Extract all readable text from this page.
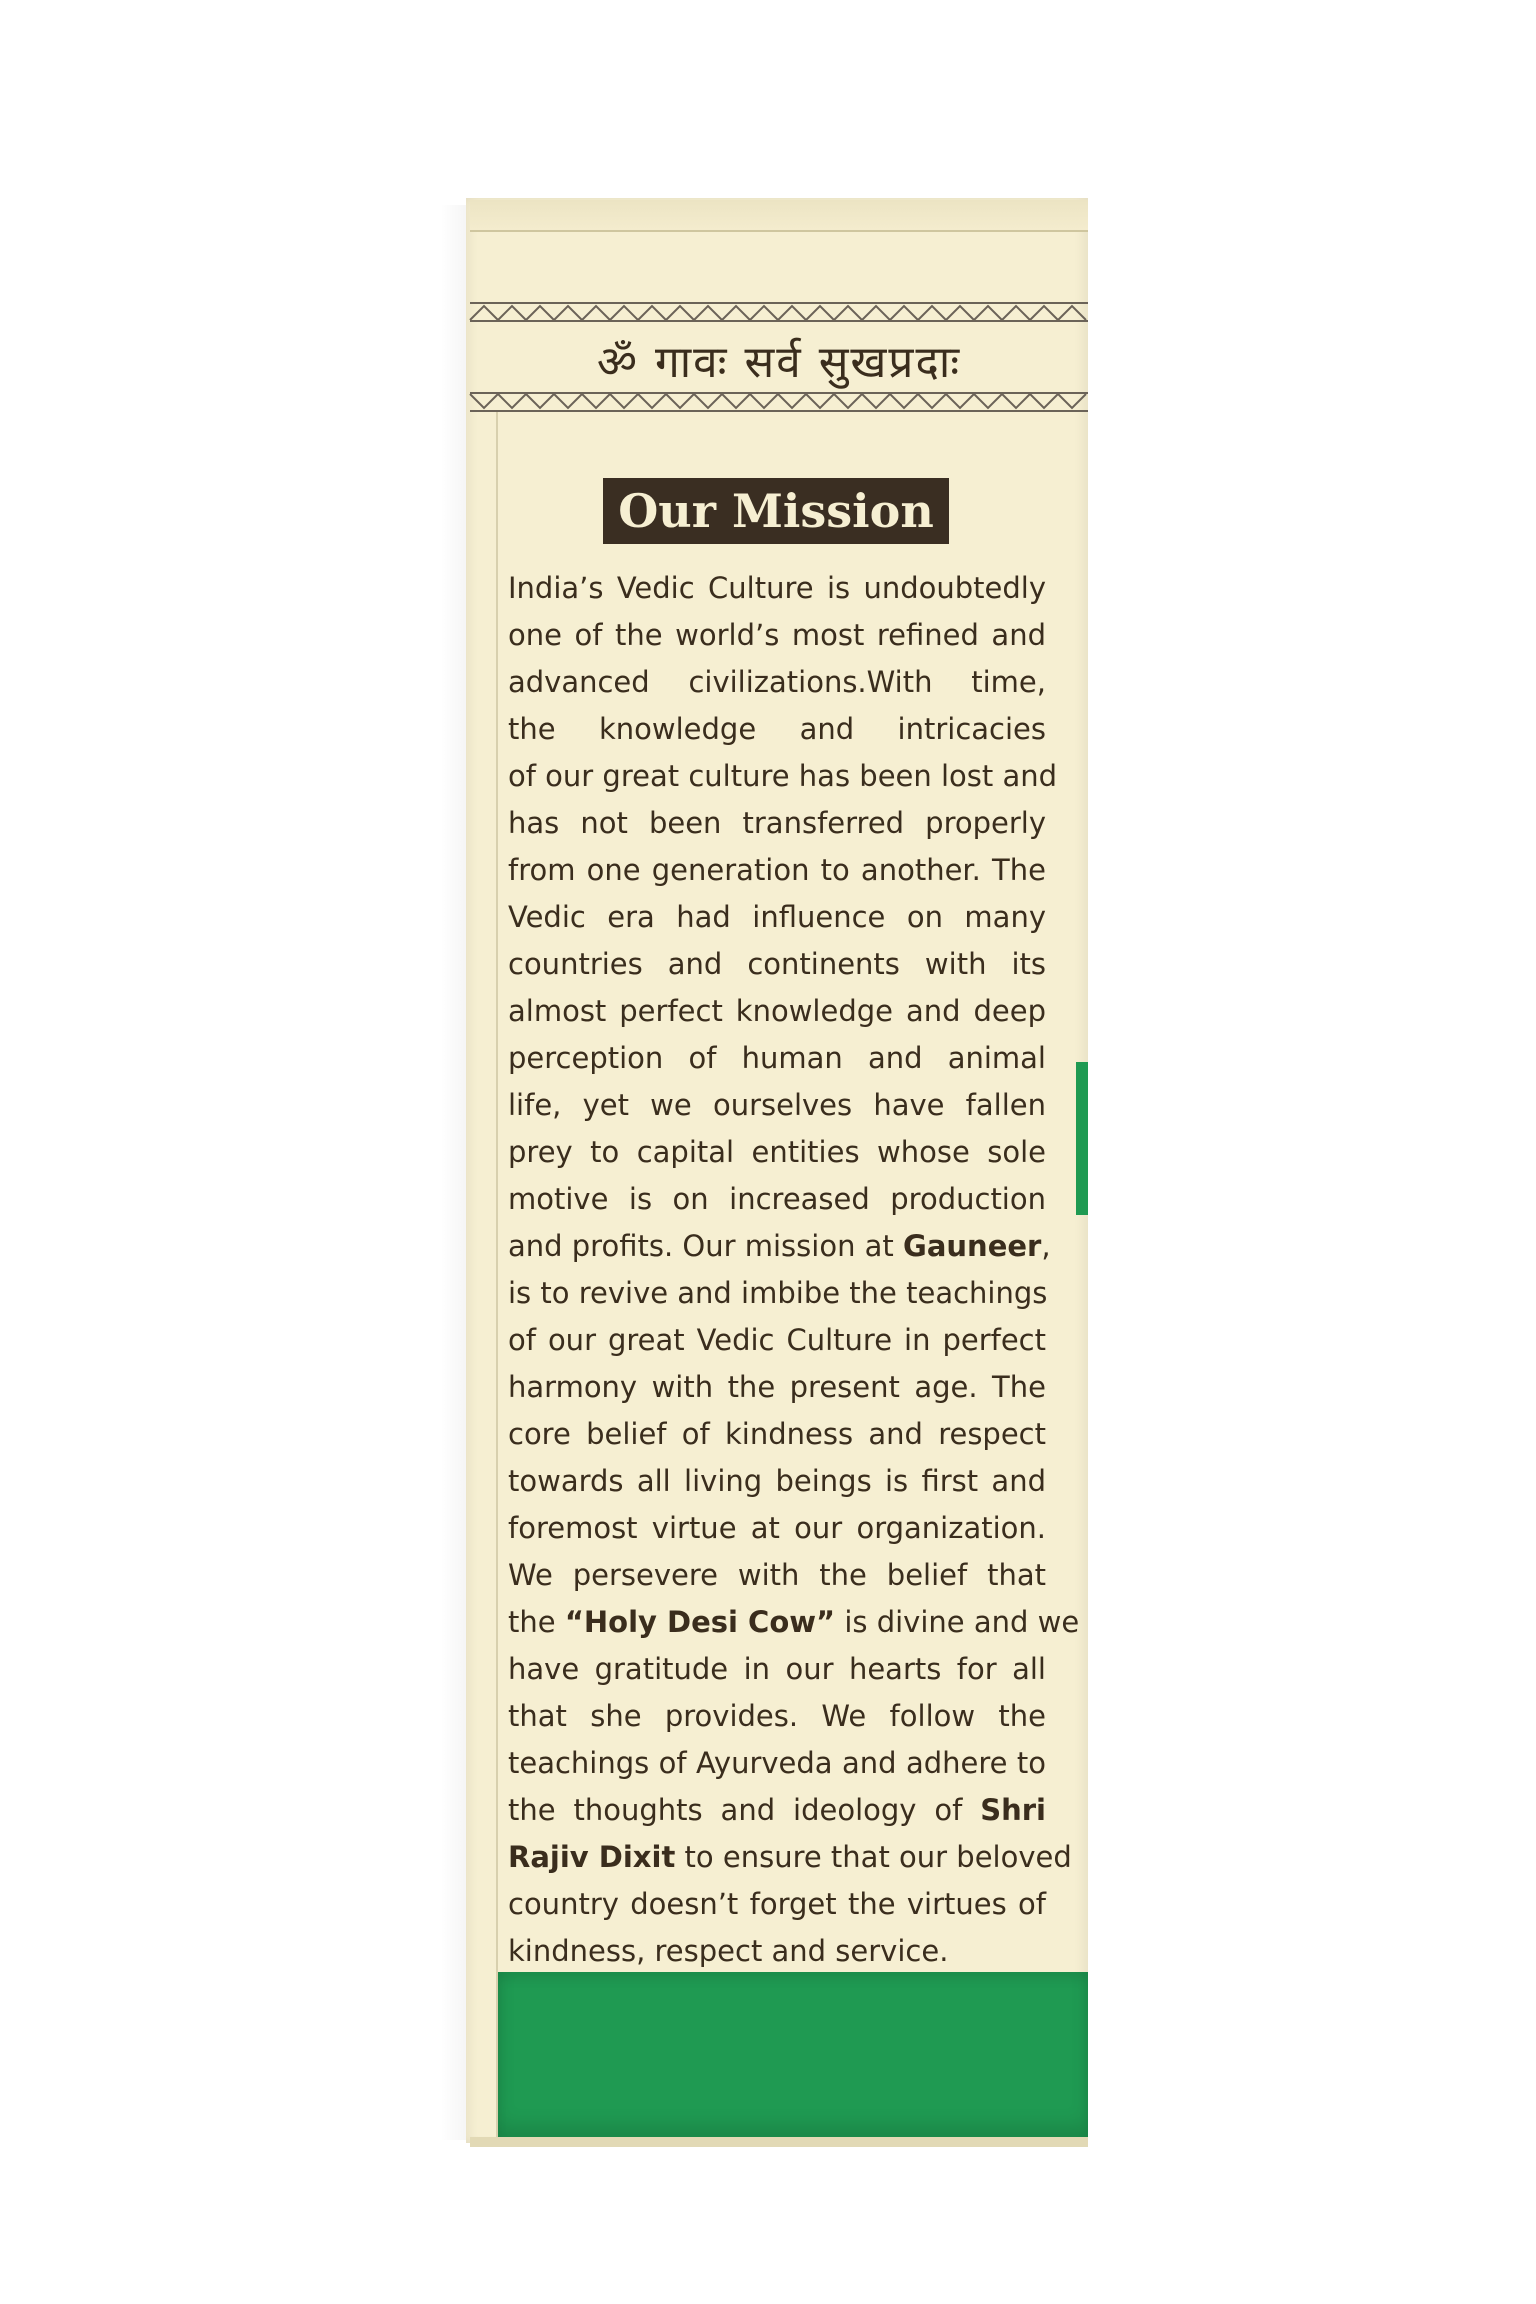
ॐ गावः सर्व सुखप्रदाः
Our Mission
India’s Vedic Culture is undoubtedly
one of the world’s most refined and
advanced civilizations.With time,
the knowledge and intricacies
of our great culture has been lost and
has not been transferred properly
from one generation to another. The
Vedic era had influence on many
countries and continents with its
almost perfect knowledge and deep
perception of human and animal
life, yet we ourselves have fallen
prey to capital entities whose sole
motive is on increased production
and profits. Our mission at Gauneer,
is to revive and imbibe the teachings
of our great Vedic Culture in perfect
harmony with the present age. The
core belief of kindness and respect
towards all living beings is first and
foremost virtue at our organization.
We persevere with the belief that
the “Holy Desi Cow” is divine and we
have gratitude in our hearts for all
that she provides. We follow the
teachings of Ayurveda and adhere to
the thoughts and ideology of Shri
Rajiv Dixit to ensure that our beloved
country doesn’t forget the virtues of
kindness, respect and service.
